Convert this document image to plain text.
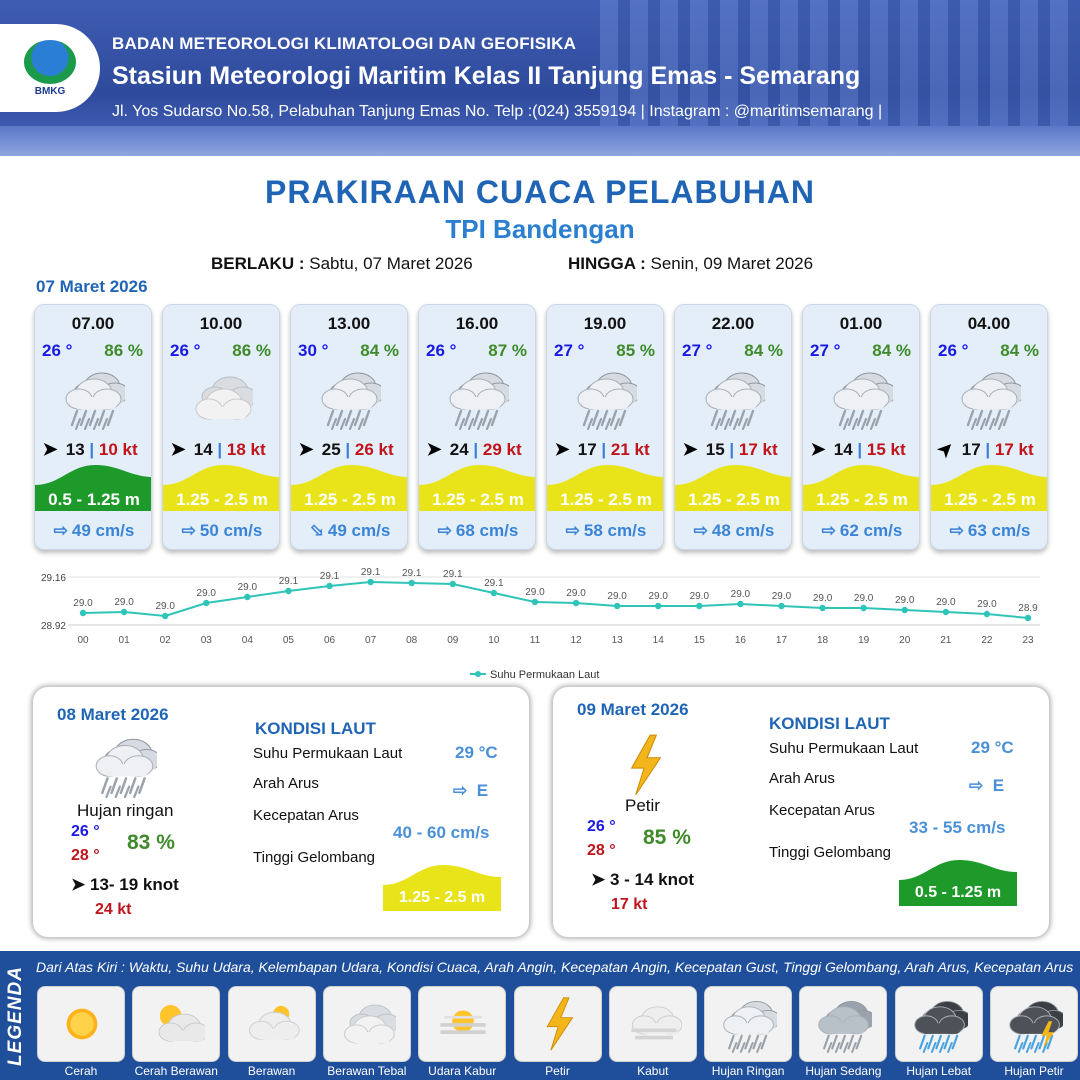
BMKG
BADAN METEOROLOGI KLIMATOLOGI DAN GEOFISIKA
Stasiun Meteorologi Maritim Kelas II Tanjung Emas - Semarang
Jl. Yos Sudarso No.58, Pelabuhan Tanjung Emas No. Telp :(024) 3559194 | Instagram : @maritimsemarang |
PRAKIRAAN CUACA PELABUHAN
TPI Bandengan
BERLAKU : Sabtu, 07 Maret 2026	HINGGA : Senin, 09 Maret 2026
07 Maret 2026
07.00
26 ° 86 %
➤ 13 | 10 kt
0.5 - 1.25 m
⇨ 49 cm/s
10.00
26 ° 86 %
➤ 14 | 18 kt
1.25 - 2.5 m
⇨ 50 cm/s
13.00
30 ° 84 %
➤ 25 | 26 kt
1.25 - 2.5 m
⇨49 cm/s
16.00
26 ° 87 %
➤ 24 | 29 kt
1.25 - 2.5 m
⇨ 68 cm/s
19.00
27 ° 85 %
➤ 17 | 21 kt
1.25 - 2.5 m
⇨ 58 cm/s
22.00
27 ° 84 %
➤ 15 | 17 kt
1.25 - 2.5 m
⇨ 48 cm/s
01.00
27 ° 84 %
➤ 14 | 15 kt
1.25 - 2.5 m
⇨ 62 cm/s
04.00
26 ° 84 %
➤ 17 | 17 kt
1.25 - 2.5 m
⇨ 63 cm/s
29.16
28.92
29.0
00
29.0
01
29.0
02
29.0
03
29.0
04
29.1
05
29.1
06
29.1
07
29.1
08
29.1
09
29.1
10
29.0
11
29.0
12
29.0
13
29.0
14
29.0
15
29.0
16
29.0
17
29.0
18
29.0
19
29.0
20
29.0
21
29.0
22
28.9
23
Suhu Permukaan Laut
08 Maret 2026
Hujan ringan
26 °
28 °
83 %
➤ 13- 19 knot
24 kt
KONDISI LAUT
Suhu Permukaan Laut	29 °C
Arah Arus	⇨ E
Kecepatan Arus
40 - 60 cm/s
Tinggi Gelombang
1.25 - 2.5 m
09 Maret 2026
Petir
26 °
28 °
85 %
➤ 3 - 14 knot
17 kt
KONDISI LAUT
Suhu Permukaan Laut	29 °C
Arah Arus	⇨ E
Kecepatan Arus
33 - 55 cm/s
Tinggi Gelombang
0.5 - 1.25 m
LEGENDA Dari Atas Kiri : Waktu, Suhu Udara, Kelembapan Udara, Kondisi Cuaca, Arah Angin, Kecepatan Angin, Kecepatan Gust, Tinggi Gelombang, Arah Arus, Kecepatan Arus
Cerah	Cerah Berawan	Berawan	Berawan Tebal	Udara Kabur	Petir	Kabut	Hujan Ringan	Hujan Sedang	Hujan Lebat	Hujan Petir
